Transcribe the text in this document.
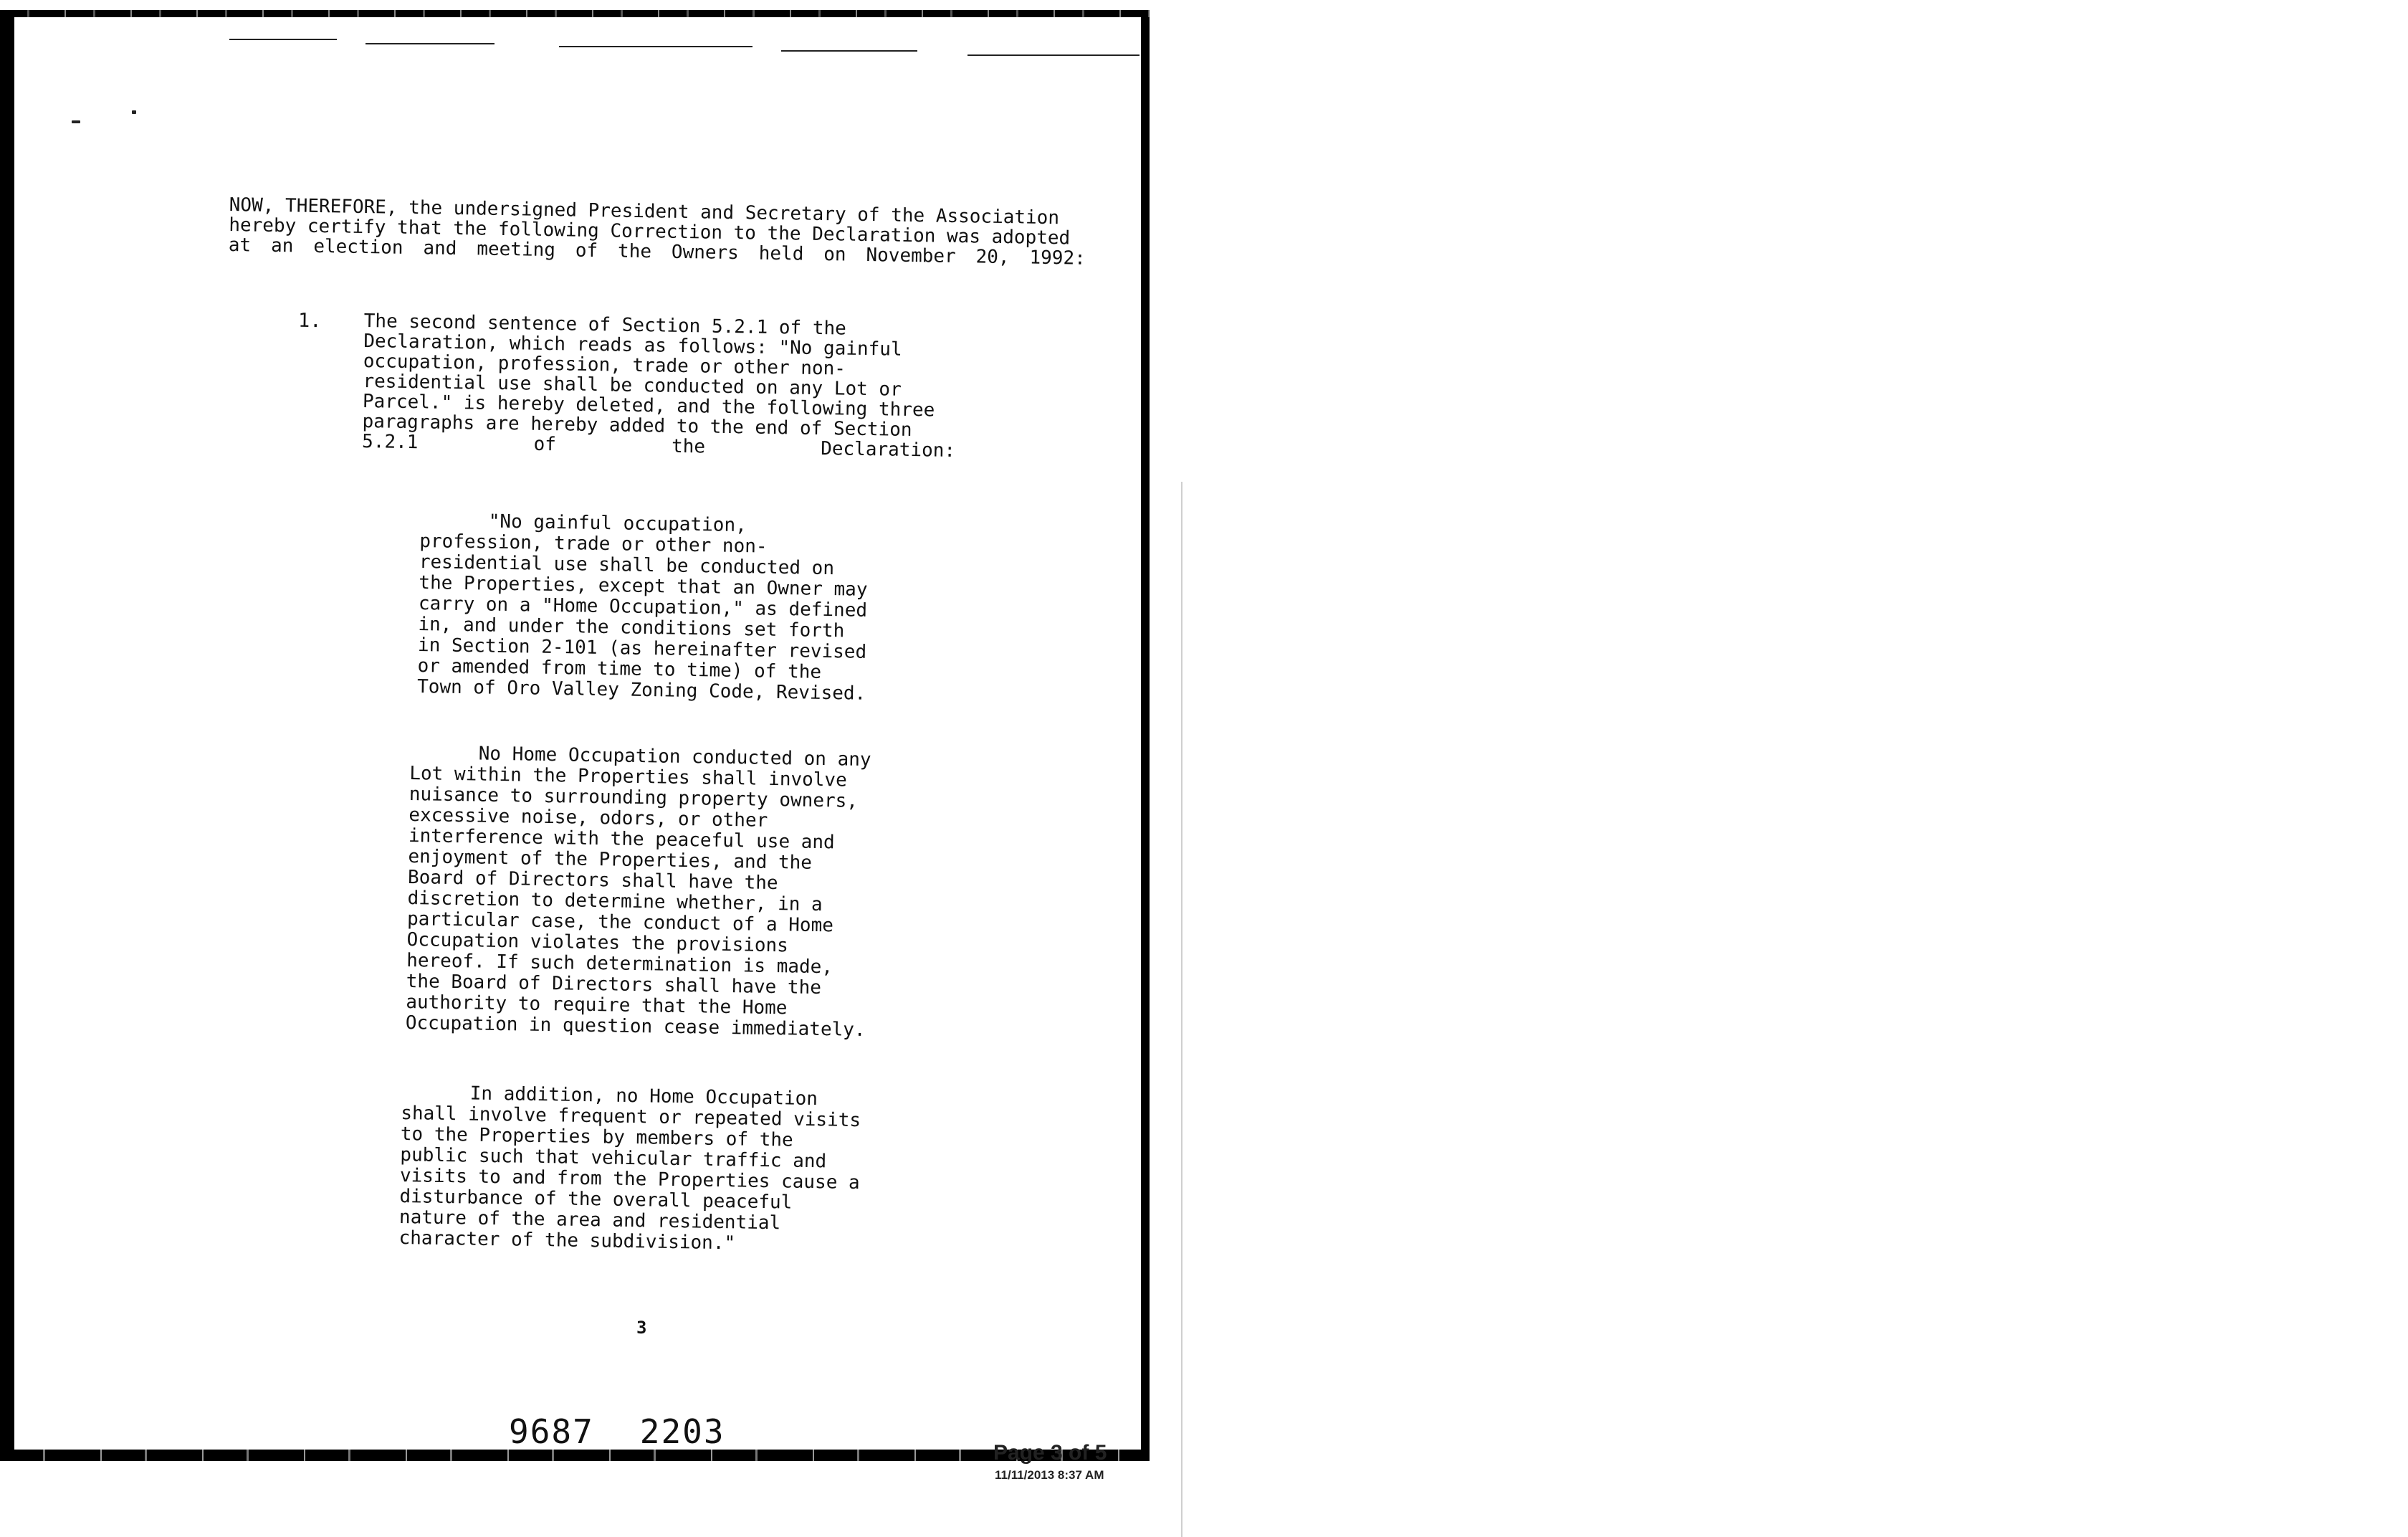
NOW, THEREFORE, the undersigned President and Secretary of the Association hereby certify that the following Correction to the Declaration was adopted at an election and meeting of the Owners held on November 20, 1992:
1. The second sentence of Section 5.2.1 of the Declaration, which reads as follows: "No gainful occupation, profession, trade or other non-residential use shall be conducted on any Lot or Parcel." is hereby deleted, and the following three paragraphs are hereby added to the end of Section 5.2.1 of the Declaration:
"No gainful occupation, profession, trade or other non-residential use shall be conducted on the Properties, except that an Owner may carry on a "Home Occupation," as defined in, and under the conditions set forth in Section 2-101 (as hereinafter revised or amended from time to time) of the Town of Oro Valley Zoning Code, Revised.
No Home Occupation conducted on any Lot within the Properties shall involve nuisance to surrounding property owners, excessive noise, odors, or other interference with the peaceful use and enjoyment of the Properties, and the Board of Directors shall have the discretion to determine whether, in a particular case, the conduct of a Home Occupation violates the provisions hereof. If such determination is made, the Board of Directors shall have the authority to require that the Home Occupation in question cease immediately.
In addition, no Home Occupation shall involve frequent or repeated visits to the Properties by members of the public such that vehicular traffic and visits to and from the Properties cause a disturbance of the overall peaceful nature of the area and residential character of the subdivision."
3
9687 2203
Page 3 of 5
11/11/2013 8:37 AM
